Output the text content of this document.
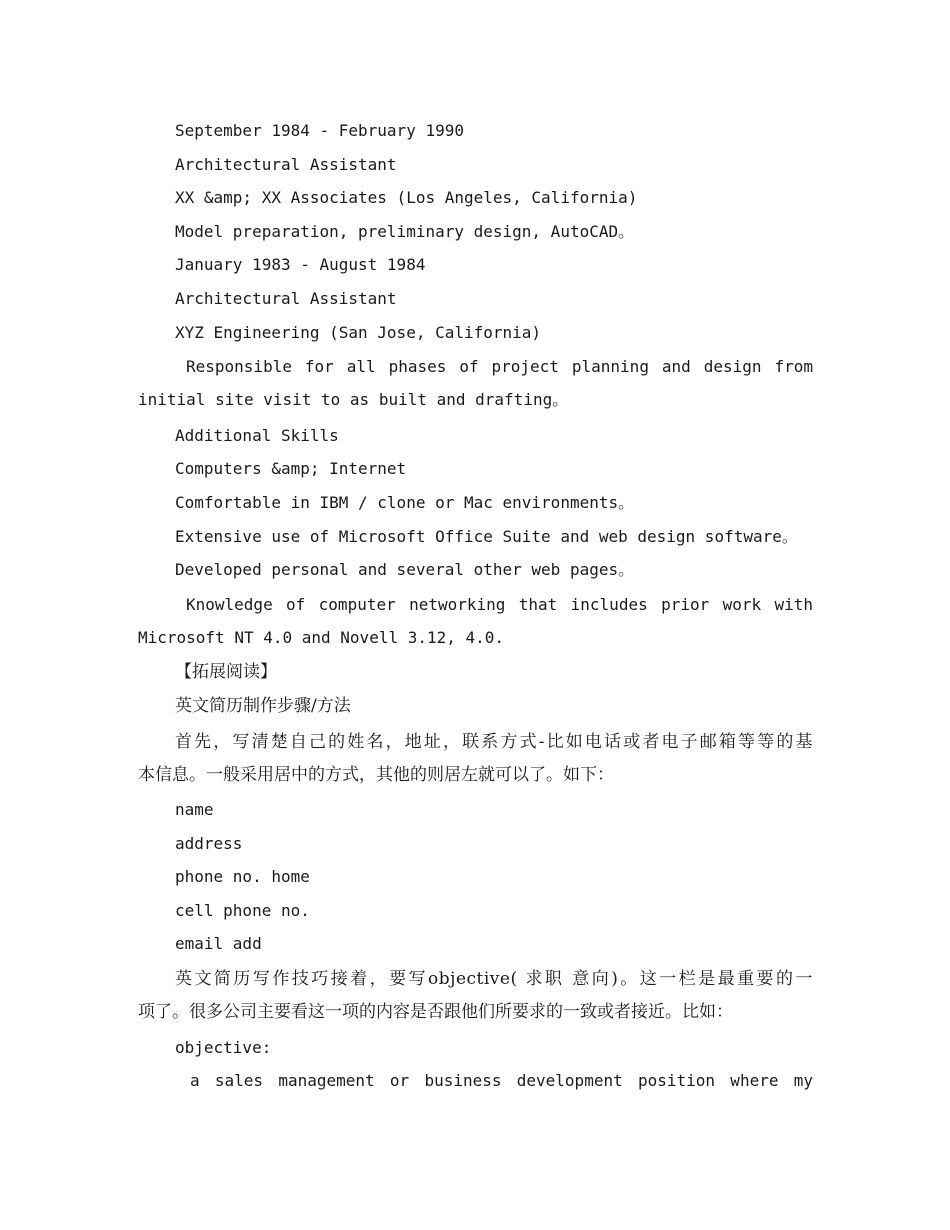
September 1984 - February 1990
Architectural Assistant
XX &amp; XX Associates (Los Angeles, California)
Model preparation, preliminary design, AutoCAD。
January 1983 - August 1984
Architectural Assistant
XYZ Engineering (San Jose, California)
Responsible for all phases of project planning and design from
initial site visit to as built and drafting。
Additional Skills
Computers &amp; Internet
Comfortable in IBM / clone or Mac environments。
Extensive use of Microsoft Office Suite and web design software。
Developed personal and several other web pages。
Knowledge of computer networking that includes prior work with
Microsoft NT 4.0 and Novell 3.12, 4.0.
【拓展阅读】
英文简历制作步骤/方法
首先，写清楚自己的姓名，地址，联系方式-比如电话或者电子邮箱等等的基
本信息。一般采用居中的方式，其他的则居左就可以了。如下：
name
address
phone no. home
cell phone no.
email add
英文简历写作技巧接着，要写objective( 求职 意向)。这一栏是最重要的一
项了。很多公司主要看这一项的内容是否跟他们所要求的一致或者接近。比如：
objective:
a sales management or business development position where my
